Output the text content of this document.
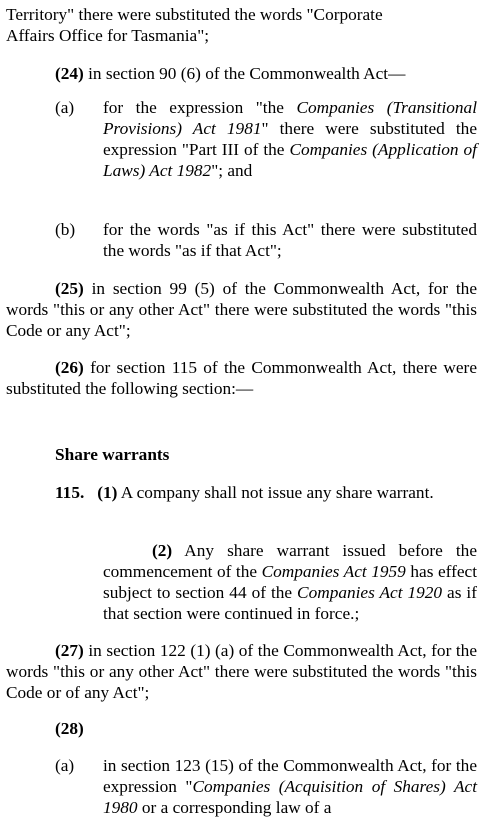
Territory" there were substituted the words "Corporate
Affairs Office for Tasmania";

(24) in section 90 (6) of the Commonwealth Act—

(a) for the expression "the Companies (Transitional Provisions) Act 1981" there were substituted the expression "Part III of the Companies (Application of Laws) Act 1982"; and

(b) for the words "as if this Act" there were substituted the words "as if that Act";

(25) in section 99 (5) of the Commonwealth Act, for the words "this or any other Act" there were substituted the words "this Code or any Act";

(26) for section 115 of the Commonwealth Act, there were substituted the following section:—

Share warrants

115. (1) A company shall not issue any share warrant.

(2) Any share warrant issued before the commencement of the Companies Act 1959 has effect subject to section 44 of the Companies Act 1920 as if that section were continued in force.;

(27) in section 122 (1) (a) of the Commonwealth Act, for the words "this or any other Act" there were substituted the words "this Code or of any Act";

(28)

(a) in section 123 (15) of the Commonwealth Act, for the expression "Companies (Acquisition of Shares) Act 1980 or a corresponding law of a
